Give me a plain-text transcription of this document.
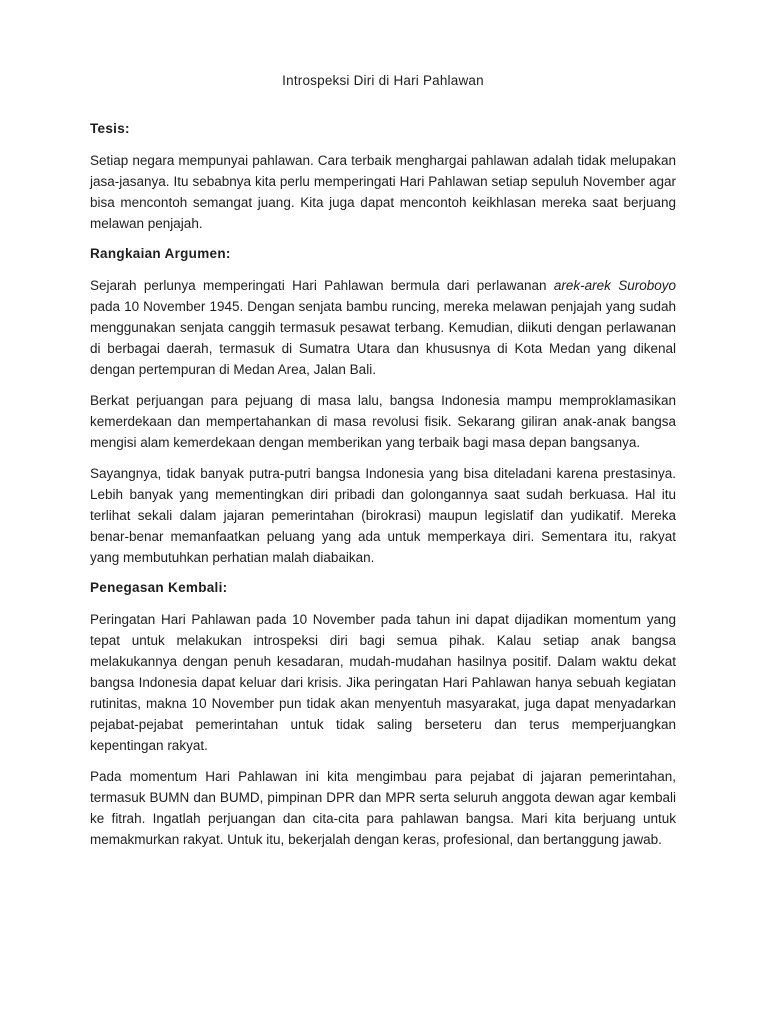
Introspeksi Diri di Hari Pahlawan
Tesis:

Setiap negara mempunyai pahlawan. Cara terbaik menghargai pahlawan adalah tidak melupakan jasa-jasanya. Itu sebabnya kita perlu memperingati Hari Pahlawan setiap sepuluh November agar bisa mencontoh semangat juang. Kita juga dapat mencontoh keikhlasan mereka saat berjuang melawan penjajah.

Rangkaian Argumen:

Sejarah perlunya memperingati Hari Pahlawan bermula dari perlawanan arek-arek Suroboyo pada 10 November 1945. Dengan senjata bambu runcing, mereka melawan penjajah yang sudah menggunakan senjata canggih termasuk pesawat terbang. Kemudian, diikuti dengan perlawanan di berbagai daerah, termasuk di Sumatra Utara dan khususnya di Kota Medan yang dikenal dengan pertempuran di Medan Area, Jalan Bali.

Berkat perjuangan para pejuang di masa lalu, bangsa Indonesia mampu memproklamasikan kemerdekaan dan mempertahankan di masa revolusi fisik. Sekarang giliran anak-anak bangsa mengisi alam kemerdekaan dengan memberikan yang terbaik bagi masa depan bangsanya.

Sayangnya, tidak banyak putra-putri bangsa Indonesia yang bisa diteladani karena prestasinya. Lebih banyak yang mementingkan diri pribadi dan golongannya saat sudah berkuasa. Hal itu terlihat sekali dalam jajaran pemerintahan (birokrasi) maupun legislatif dan yudikatif. Mereka benar-benar memanfaatkan peluang yang ada untuk memperkaya diri. Sementara itu, rakyat yang membutuhkan perhatian malah diabaikan.

Penegasan Kembali:

Peringatan Hari Pahlawan pada 10 November pada tahun ini dapat dijadikan momentum yang tepat untuk melakukan introspeksi diri bagi semua pihak. Kalau setiap anak bangsa melakukannya dengan penuh kesadaran, mudah-mudahan hasilnya positif. Dalam waktu dekat bangsa Indonesia dapat keluar dari krisis. Jika peringatan Hari Pahlawan hanya sebuah kegiatan rutinitas, makna 10 November pun tidak akan menyentuh masyarakat, juga dapat menyadarkan pejabat-pejabat pemerintahan untuk tidak saling berseteru dan terus memperjuangkan kepentingan rakyat.

Pada momentum Hari Pahlawan ini kita mengimbau para pejabat di jajaran pemerintahan, termasuk BUMN dan BUMD, pimpinan DPR dan MPR serta seluruh anggota dewan agar kembali ke fitrah. Ingatlah perjuangan dan cita-cita para pahlawan bangsa. Mari kita berjuang untuk memakmurkan rakyat. Untuk itu, bekerjalah dengan keras, profesional, dan bertanggung jawab.
